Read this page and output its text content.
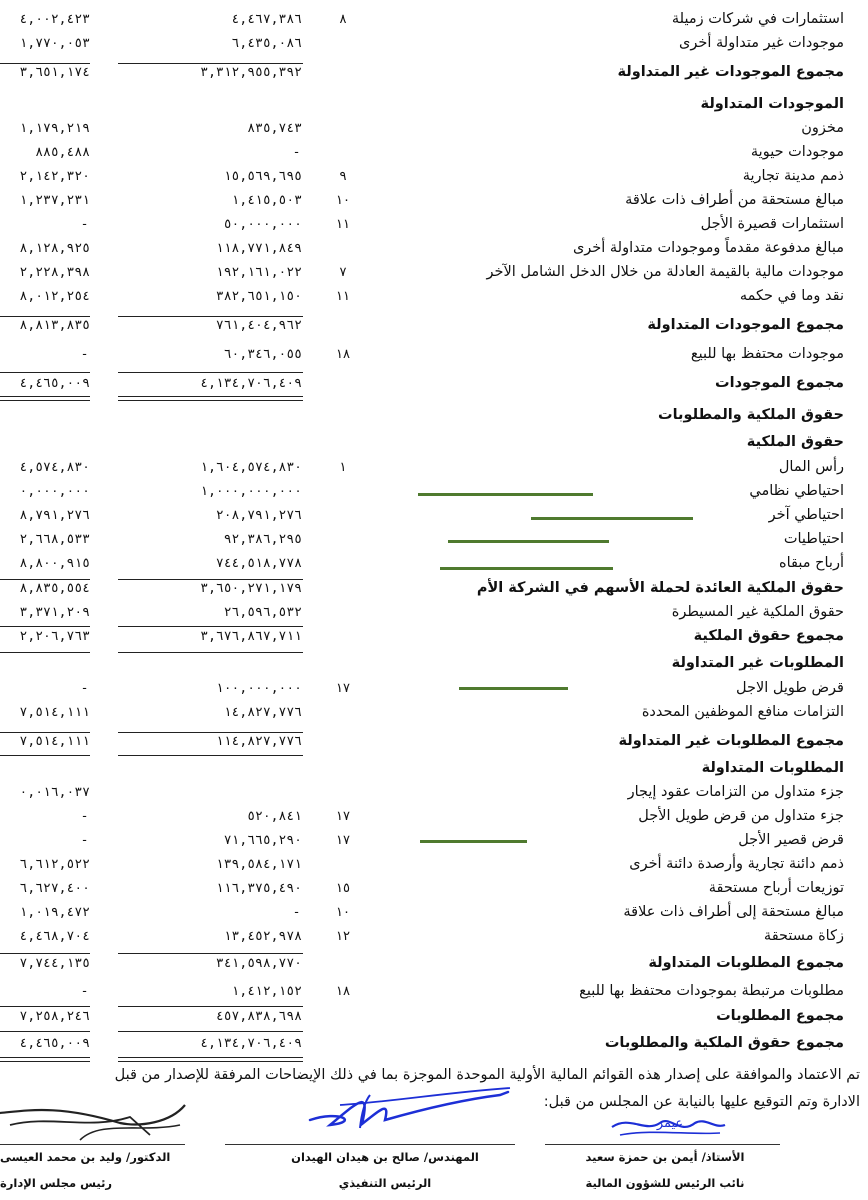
استثمارات في شركات زميلة
٨
٤,٤٦٧,٣٨٦
٤,٠٠٢,٤٢٣
موجودات غير متداولة أخرى
٦,٤٣٥,٠٨٦
١,٧٧٠,٠٥٣
مجموع الموجودات غير المتداولة
٣,٣١٢,٩٥٥,٣٩٢
٣,٦٥١,١٧٤
الموجودات المتداولة
مخزون
٨٣٥,٧٤٣
١,١٧٩,٢١٩
موجودات حيوية
-
٨٨٥,٤٨٨
ذمم مدينة تجارية
٩
١٥,٥٦٩,٦٩٥
٢,١٤٢,٣٢٠
مبالغ مستحقة من أطراف ذات علاقة
١٠
١,٤١٥,٥٠٣
١,٢٣٧,٢٣١
استثمارات قصيرة الأجل
١١
٥٠,٠٠٠,٠٠٠
-
مبالغ مدفوعة مقدماً وموجودات متداولة أخرى
١١٨,٧٧١,٨٤٩
٨,١٢٨,٩٢٥
موجودات مالية بالقيمة العادلة من خلال الدخل الشامل الآخر
٧
١٩٢,١٦١,٠٢٢
٢,٢٢٨,٣٩٨
نقد وما في حكمه
١١
٣٨٢,٦٥١,١٥٠
٨,٠١٢,٢٥٤
مجموع الموجودات المتداولة
٧٦١,٤٠٤,٩٦٢
٨,٨١٣,٨٣٥
موجودات محتفظ بها للبيع
١٨
٦٠,٣٤٦,٠٥٥
-
مجموع الموجودات
٤,١٣٤,٧٠٦,٤٠٩
٤,٤٦٥,٠٠٩
حقوق الملكية والمطلوبات
حقوق الملكية
رأس المال
١
١,٦٠٤,٥٧٤,٨٣٠
٤,٥٧٤,٨٣٠
احتياطي نظامي
١,٠٠٠,٠٠٠,٠٠٠
٠,٠٠٠,٠٠٠
احتياطي آخر
٢٠٨,٧٩١,٢٧٦
٨,٧٩١,٢٧٦
احتياطيات
٩٢,٣٨٦,٢٩٥
٢,٦٦٨,٥٣٣
أرباح مبقاه
٧٤٤,٥١٨,٧٧٨
٨,٨٠٠,٩١٥
حقوق الملكية العائدة لحملة الأسهم في الشركة الأم
٣,٦٥٠,٢٧١,١٧٩
٨,٨٣٥,٥٥٤
حقوق الملكية غير المسيطرة
٢٦,٥٩٦,٥٣٢
٣,٣٧١,٢٠٩
مجموع حقوق الملكية
٣,٦٧٦,٨٦٧,٧١١
٢,٢٠٦,٧٦٣
المطلوبات غير المتداولة
قرض طويل الاجل
١٧
١٠٠,٠٠٠,٠٠٠
-
التزامات منافع الموظفين المحددة
١٤,٨٢٧,٧٧٦
٧,٥١٤,١١١
مجموع المطلوبات غير المتداولة
١١٤,٨٢٧,٧٧٦
٧,٥١٤,١١١
المطلوبات المتداولة
جزء متداول من التزامات عقود إيجار
٠,٠١٦,٠٣٧
جزء متداول من قرض طويل الأجل
١٧
٥٢٠,٨٤١
-
قرض قصير الأجل
١٧
٧١,٦٦٥,٢٩٠
-
ذمم دائنة تجارية وأرصدة دائنة أخرى
١٣٩,٥٨٤,١٧١
٦,٦١٢,٥٢٢
توزيعات أرباح مستحقة
١٥
١١٦,٣٧٥,٤٩٠
٦,٦٢٧,٤٠٠
مبالغ مستحقة إلى أطراف ذات علاقة
١٠
-
١,٠١٩,٤٧٢
زكاة مستحقة
١٢
١٣,٤٥٢,٩٧٨
٤,٤٦٨,٧٠٤
مجموع المطلوبات المتداولة
٣٤١,٥٩٨,٧٧٠
٧,٧٤٤,١٣٥
مطلوبات مرتبطة بموجودات محتفظ بها للبيع
١٨
١,٤١٢,١٥٢
-
مجموع المطلوبات
٤٥٧,٨٣٨,٦٩٨
٧,٢٥٨,٢٤٦
مجموع حقوق الملكية والمطلوبات
٤,١٣٤,٧٠٦,٤٠٩
٤,٤٦٥,٠٠٩
تم الاعتماد والموافقة على إصدار هذه القوائم المالية الأولية الموحدة الموجزة بما في ذلك الإيضاحات المرفقة للإصدار من قبل
الادارة وتم التوقيع عليها بالنيابة عن المجلس من قبل:
عيمر
الأستاذ/ أيمن بن حمزة سعيد
نائب الرئيس للشؤون المالية
المهندس/ صالح بن هيدان الهيدان
الرئيس التنفيذي
الدكتور/ وليد بن محمد العيسى
رئيس مجلس الإدارة
